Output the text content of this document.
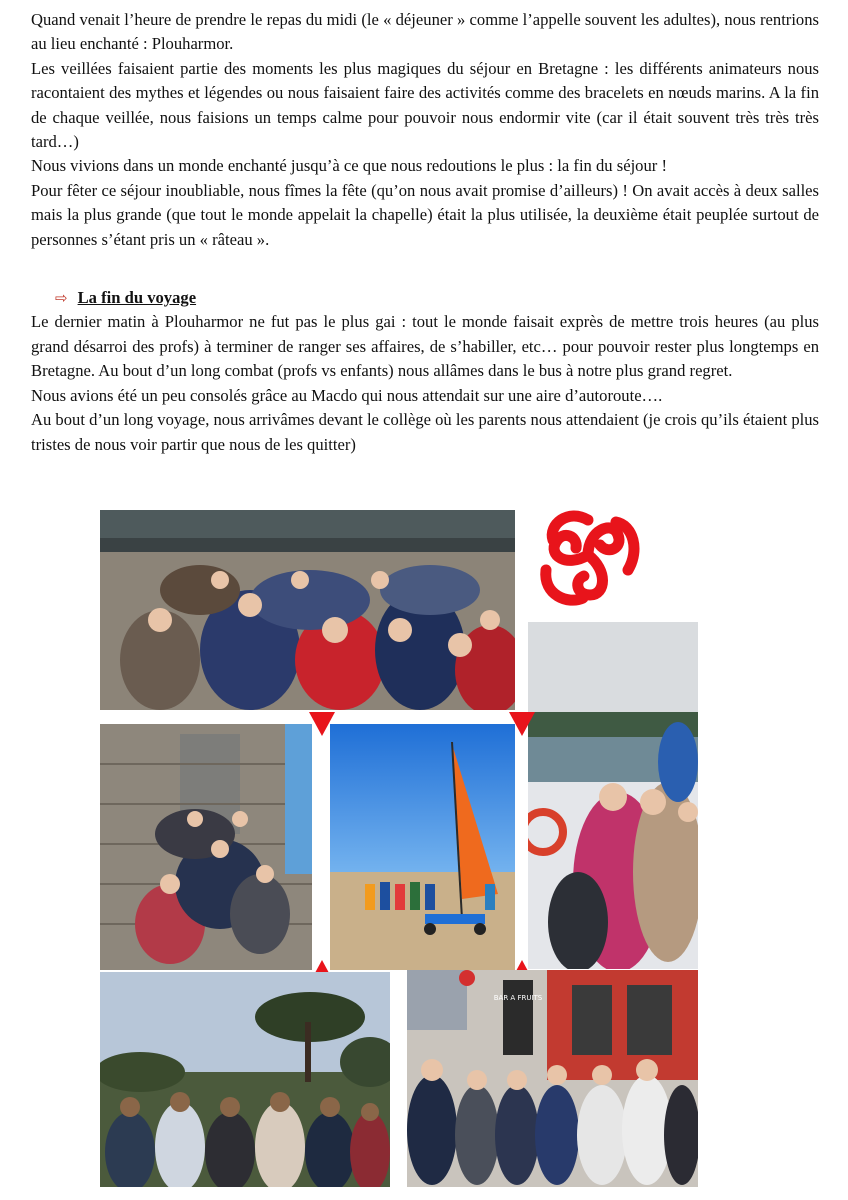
Quand venait l’heure de prendre le repas du midi (le « déjeuner » comme l’appelle souvent les adultes), nous rentrions au lieu enchanté : Plouharmor.

Les veillées faisaient partie des moments les plus magiques du séjour en Bretagne : les différents animateurs nous racontaient des mythes et légendes ou nous faisaient faire des activités comme des bracelets en nœuds marins. A la fin de chaque veillée, nous faisions un temps calme pour pouvoir nous endormir vite (car il était souvent très très très tard…)

Nous vivions dans un monde enchanté jusqu’à ce que nous redoutions le plus : la fin du séjour !

Pour fêter ce séjour inoubliable, nous fîmes la fête (qu’on nous avait promise d’ailleurs) ! On avait accès à deux salles mais la plus grande (que tout le monde appelait la chapelle) était la plus utilisée, la deuxième était peuplée surtout de personnes s’étant pris un « râteau ».

⇨ La fin du voyage

Le dernier matin à Plouharmor ne fut pas le plus gai : tout le monde faisait exprès de mettre trois heures (au plus grand désarroi des profs) à terminer de ranger ses affaires, de s’habiller, etc… pour pouvoir rester plus longtemps en Bretagne. Au bout d’un long combat (profs vs enfants) nous allâmes dans le bus à notre plus grand regret.

Nous avions été un peu consolés grâce au Macdo qui nous attendait sur une aire d’autoroute….

Au bout d’un long voyage, nous arrivâmes devant le collège où les parents nous attendaient (je crois qu’ils étaient plus tristes de nous voir partir que nous de les quitter)

BAR A FRUITS
